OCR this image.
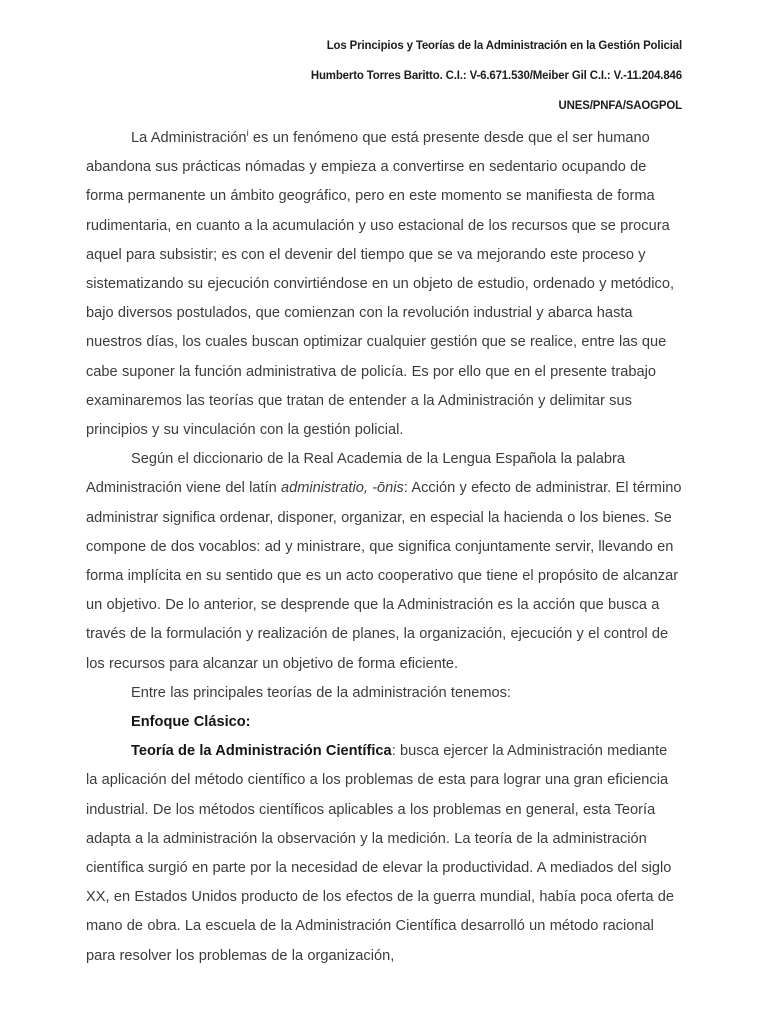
Los Principios y Teorías de la Administración en la Gestión Policial
Humberto Torres Baritto. C.I.: V-6.671.530/Meiber Gil C.I.: V.-11.204.846
UNES/PNFA/SAOGPOL

La Administración$^i$ es un fenómeno que está presente desde que el ser humano abandona sus prácticas nómadas y empieza a convertirse en sedentario ocupando de forma permanente un ámbito geográfico, pero en este momento se manifiesta de forma rudimentaria, en cuanto a la acumulación y uso estacional de los recursos que se procura aquel para subsistir; es con el devenir del tiempo que se va mejorando este proceso y sistematizando su ejecución convirtiéndose en un objeto de estudio, ordenado y metódico, bajo diversos postulados, que comienzan con la revolución industrial y abarca hasta nuestros días, los cuales buscan optimizar cualquier gestión que se realice, entre las que cabe suponer la función administrativa de policía. Es por ello que en el presente trabajo examinaremos las teorías que tratan de entender a la Administración y delimitar sus principios y su vinculación con la gestión policial.

Según el diccionario de la Real Academia de la Lengua Española la palabra Administración viene del latín administratio, -ōnis: Acción y efecto de administrar. El término administrar significa ordenar, disponer, organizar, en especial la hacienda o los bienes. Se compone de dos vocablos: ad y ministrare, que significa conjuntamente servir, llevando en forma implícita en su sentido que es un acto cooperativo que tiene el propósito de alcanzar un objetivo. De lo anterior, se desprende que la Administración es la acción que busca a través de la formulación y realización de planes, la organización, ejecución y el control de los recursos para alcanzar un objetivo de forma eficiente.

Entre las principales teorías de la administración tenemos:

Enfoque Clásico:

Teoría de la Administración Científica: busca ejercer la Administración mediante la aplicación del método científico a los problemas de esta para lograr una gran eficiencia industrial. De los métodos científicos aplicables a los problemas en general, esta Teoría adapta a la administración la observación y la medición. La teoría de la administración científica surgió en parte por la necesidad de elevar la productividad. A mediados del siglo XX, en Estados Unidos producto de los efectos de la guerra mundial, había poca oferta de mano de obra. La escuela de la Administración Científica desarrolló un método racional para resolver los problemas de la organización,
